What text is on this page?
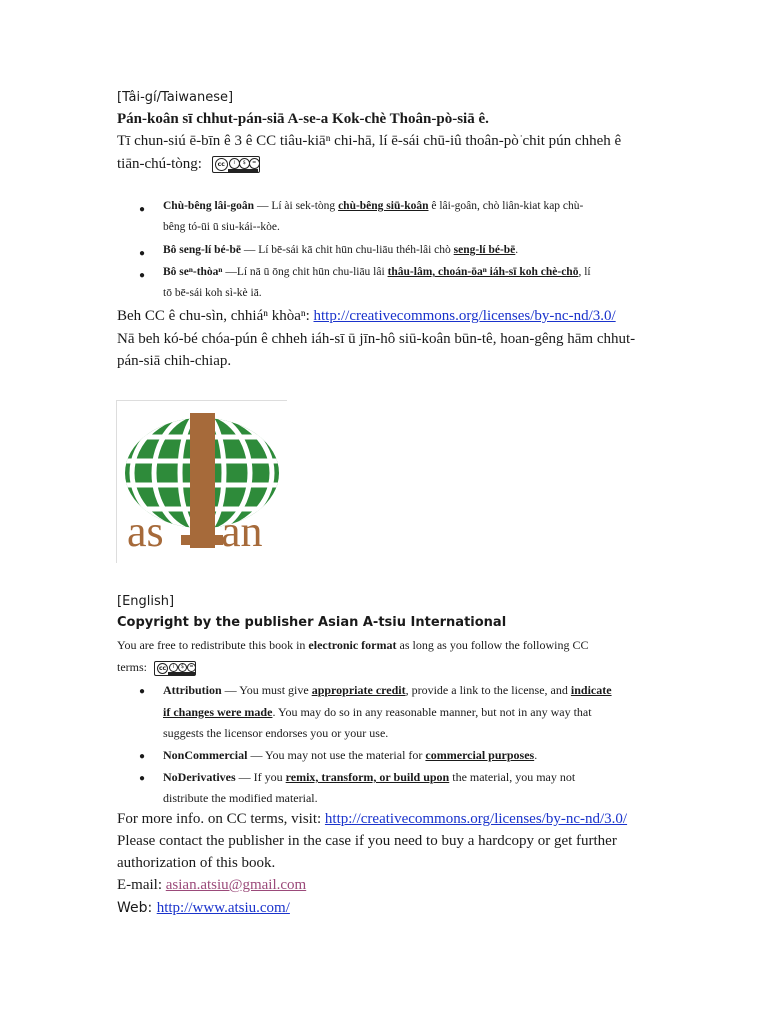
[Tâi-gí/Taiwanese]
Pán-koân sī chhut-pán-siā A-se-a Kok-chè Thoân-pò-siā ê.
Tī chun-siú ē-bīn ê 3 ê CC tiâu-kiāⁿ chi-hā, lí ē-sái chū-iû thoân-pò͘ chit pún chheh ê
tiān-chú-tòng:	cc	i	$	=
● Chù-bêng lâi-goân — Lí ài sek-tòng chù-bêng siū-koân ê lâi-goân, chò liân-kiat kap chù-
bêng tó-ūi ū siu-kái--kòe.
● Bô seng-lí bé-bē — Lí bē-sái kā chit hūn chu-liāu théh-lâi chò seng-lí bé-bē.
● Bô seⁿ-thòaⁿ —Lí nā ū ōng chit hūn chu-liāu lâi thâu-lâm, choán-ōaⁿ iáh-sī koh chè-chō, lí
tō bē-sái koh sì-kè iā.
Beh CC ê chu-sìn, chhiáⁿ khòaⁿ: http://creativecommons.org/licenses/by-nc-nd/3.0/
Nā beh kó-bé chóa-pún ê chheh iáh-sī ū jīn-hô siū-koân būn-tê, hoan-gêng hām chhut-
pán-siā chih-chiap.
as an
[English]
Copyright by the publisher Asian A-tsiu International
You are free to redistribute this book in electronic format as long as you follow the following CC
terms:	cc	i	$	=
● Attribution — You must give appropriate credit, provide a link to the license, and indicate
if changes were made. You may do so in any reasonable manner, but not in any way that
suggests the licensor endorses you or your use.
● NonCommercial — You may not use the material for commercial purposes.
● NoDerivatives — If you remix, transform, or build upon the material, you may not
distribute the modified material.
For more info. on CC terms, visit: http://creativecommons.org/licenses/by-nc-nd/3.0/
Please contact the publisher in the case if you need to buy a hardcopy or get further
authorization of this book.
E-mail: asian.atsiu@gmail.com
Web: http://www.atsiu.com/
